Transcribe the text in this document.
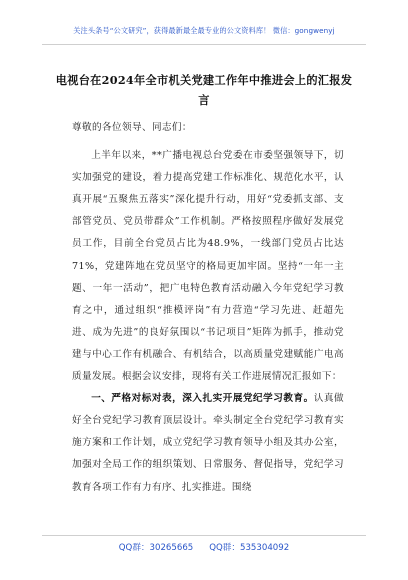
关注头条号“公文研究”，获得最新最全最专业的公文资料库！ 微信：gongwenyj
电视台在2024年全市机关党建工作年中推进会上的汇报发
言

尊敬的各位领导、同志们：

上半年以来，**广播电视总台党委在市委坚强领导下，切实加强党的建设，着力提高党建工作标准化、规范化水平，认真开展“五聚焦五落实”深化提升行动，用好“党委抓支部、支部管党员、党员带群众”工作机制。严格按照程序做好发展党员工作，目前全台党员占比为48.9%，一线部门党员占比达71%，党建阵地在党员坚守的格局更加牢固。坚持“一年一主题、一年一活动”，把广电特色教育活动融入今年党纪学习教育之中，通过组织“推模评岗”有力营造“学习先进、赶超先进、成为先进”的良好氛围以“书记项目”矩阵为抓手，推动党建与中心工作有机融合、有机结合，以高质量党建赋能广电高质量发展。根据会议安排，现将有关工作进展情况汇报如下：

一、严格对标对表，深入扎实开展党纪学习教育。认真做好全台党纪学习教育顶层设计。牵头制定全台党纪学习教育实施方案和工作计划，成立党纪学习教育领导小组及其办公室，加强对全局工作的组织策划、日常服务、督促指导，党纪学习教育各项工作有力有序、扎实推进。围绕

QQ群：30265665 QQ群：535304092
